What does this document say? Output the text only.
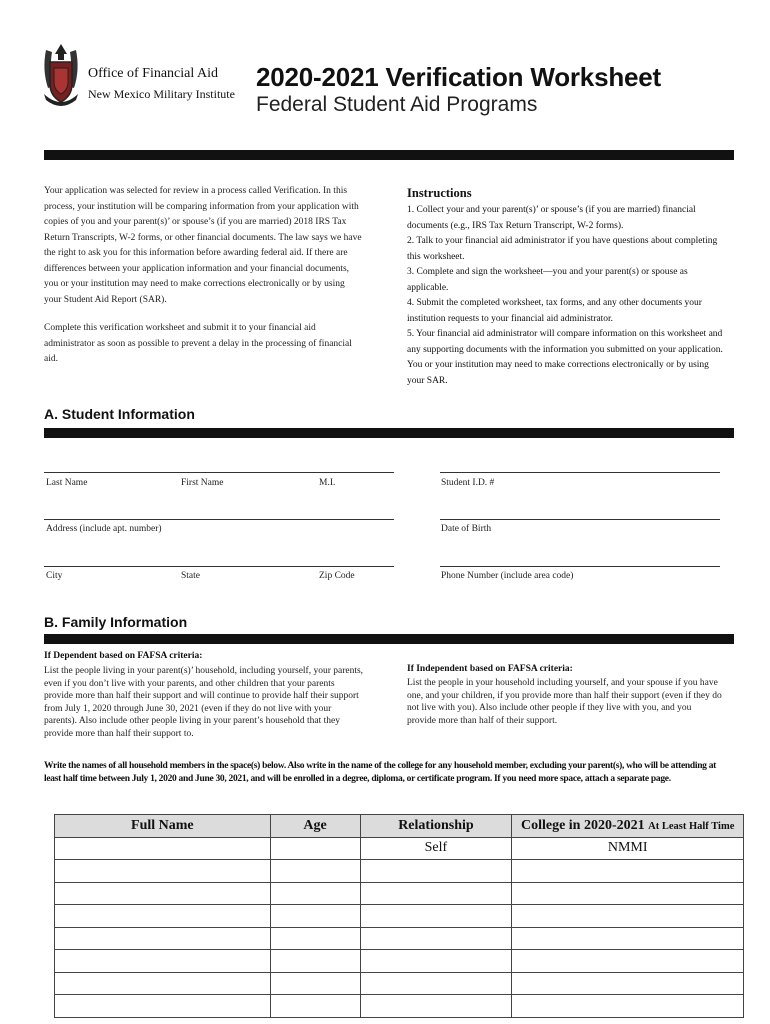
Office of Financial Aid
New Mexico Military Institute
2020-2021 Verification Worksheet
Federal Student Aid Programs
Your application was selected for review in a process called Verification. In this process, your institution will be comparing information from your application with copies of you and your parent(s)’ or spouse’s (if you are married) 2018 IRS Tax Return Transcripts, W-2 forms, or other financial documents. The law says we have the right to ask you for this information before awarding federal aid. If there are differences between your application information and your financial documents, you or your institution may need to make corrections electronically or by using your Student Aid Report (SAR).
Complete this verification worksheet and submit it to your financial aid administrator as soon as possible to prevent a delay in the processing of financial aid.
Instructions
1. Collect your and your parent(s)’ or spouse’s (if you are married) financial documents (e.g., IRS Tax Return Transcript, W-2 forms).
2. Talk to your financial aid administrator if you have questions about completing this worksheet.
3. Complete and sign the worksheet—you and your parent(s) or spouse as applicable.
4. Submit the completed worksheet, tax forms, and any other documents your institution requests to your financial aid administrator.
5. Your financial aid administrator will compare information on this worksheet and any supporting documents with the information you submitted on your application. You or your institution may need to make corrections electronically or by using your SAR.
A. Student Information
Last Name	First Name	M.I.	Student I.D. #
Address (include apt. number)	Date of Birth
City	State	Zip Code	Phone Number (include area code)
B. Family Information
If Dependent based on FAFSA criteria:
List the people living in your parent(s)’ household, including yourself, your parents, even if you don’t live with your parents, and other children that your parents provide more than half their support and will continue to provide half their support from July 1, 2020 through June 30, 2021 (even if they do not live with your parents). Also include other people living in your parent’s household that they provide more than half their support to.
If Independent based on FAFSA criteria:
List the people in your household including yourself, and your spouse if you have one, and your children, if you provide more than half their support (even if they do not live with you). Also include other people if they live with you, and you provide more than half of their support.
Write the names of all household members in the space(s) below. Also write in the name of the college for any household member, excluding your parent(s), who will be attending at least half time between July 1, 2020 and June 30, 2021, and will be enrolled in a degree, diploma, or certificate program. If you need more space, attach a separate page.
Full Name	Age	Relationship	College in 2020-2021 At Least Half Time
		Self	NMMI
